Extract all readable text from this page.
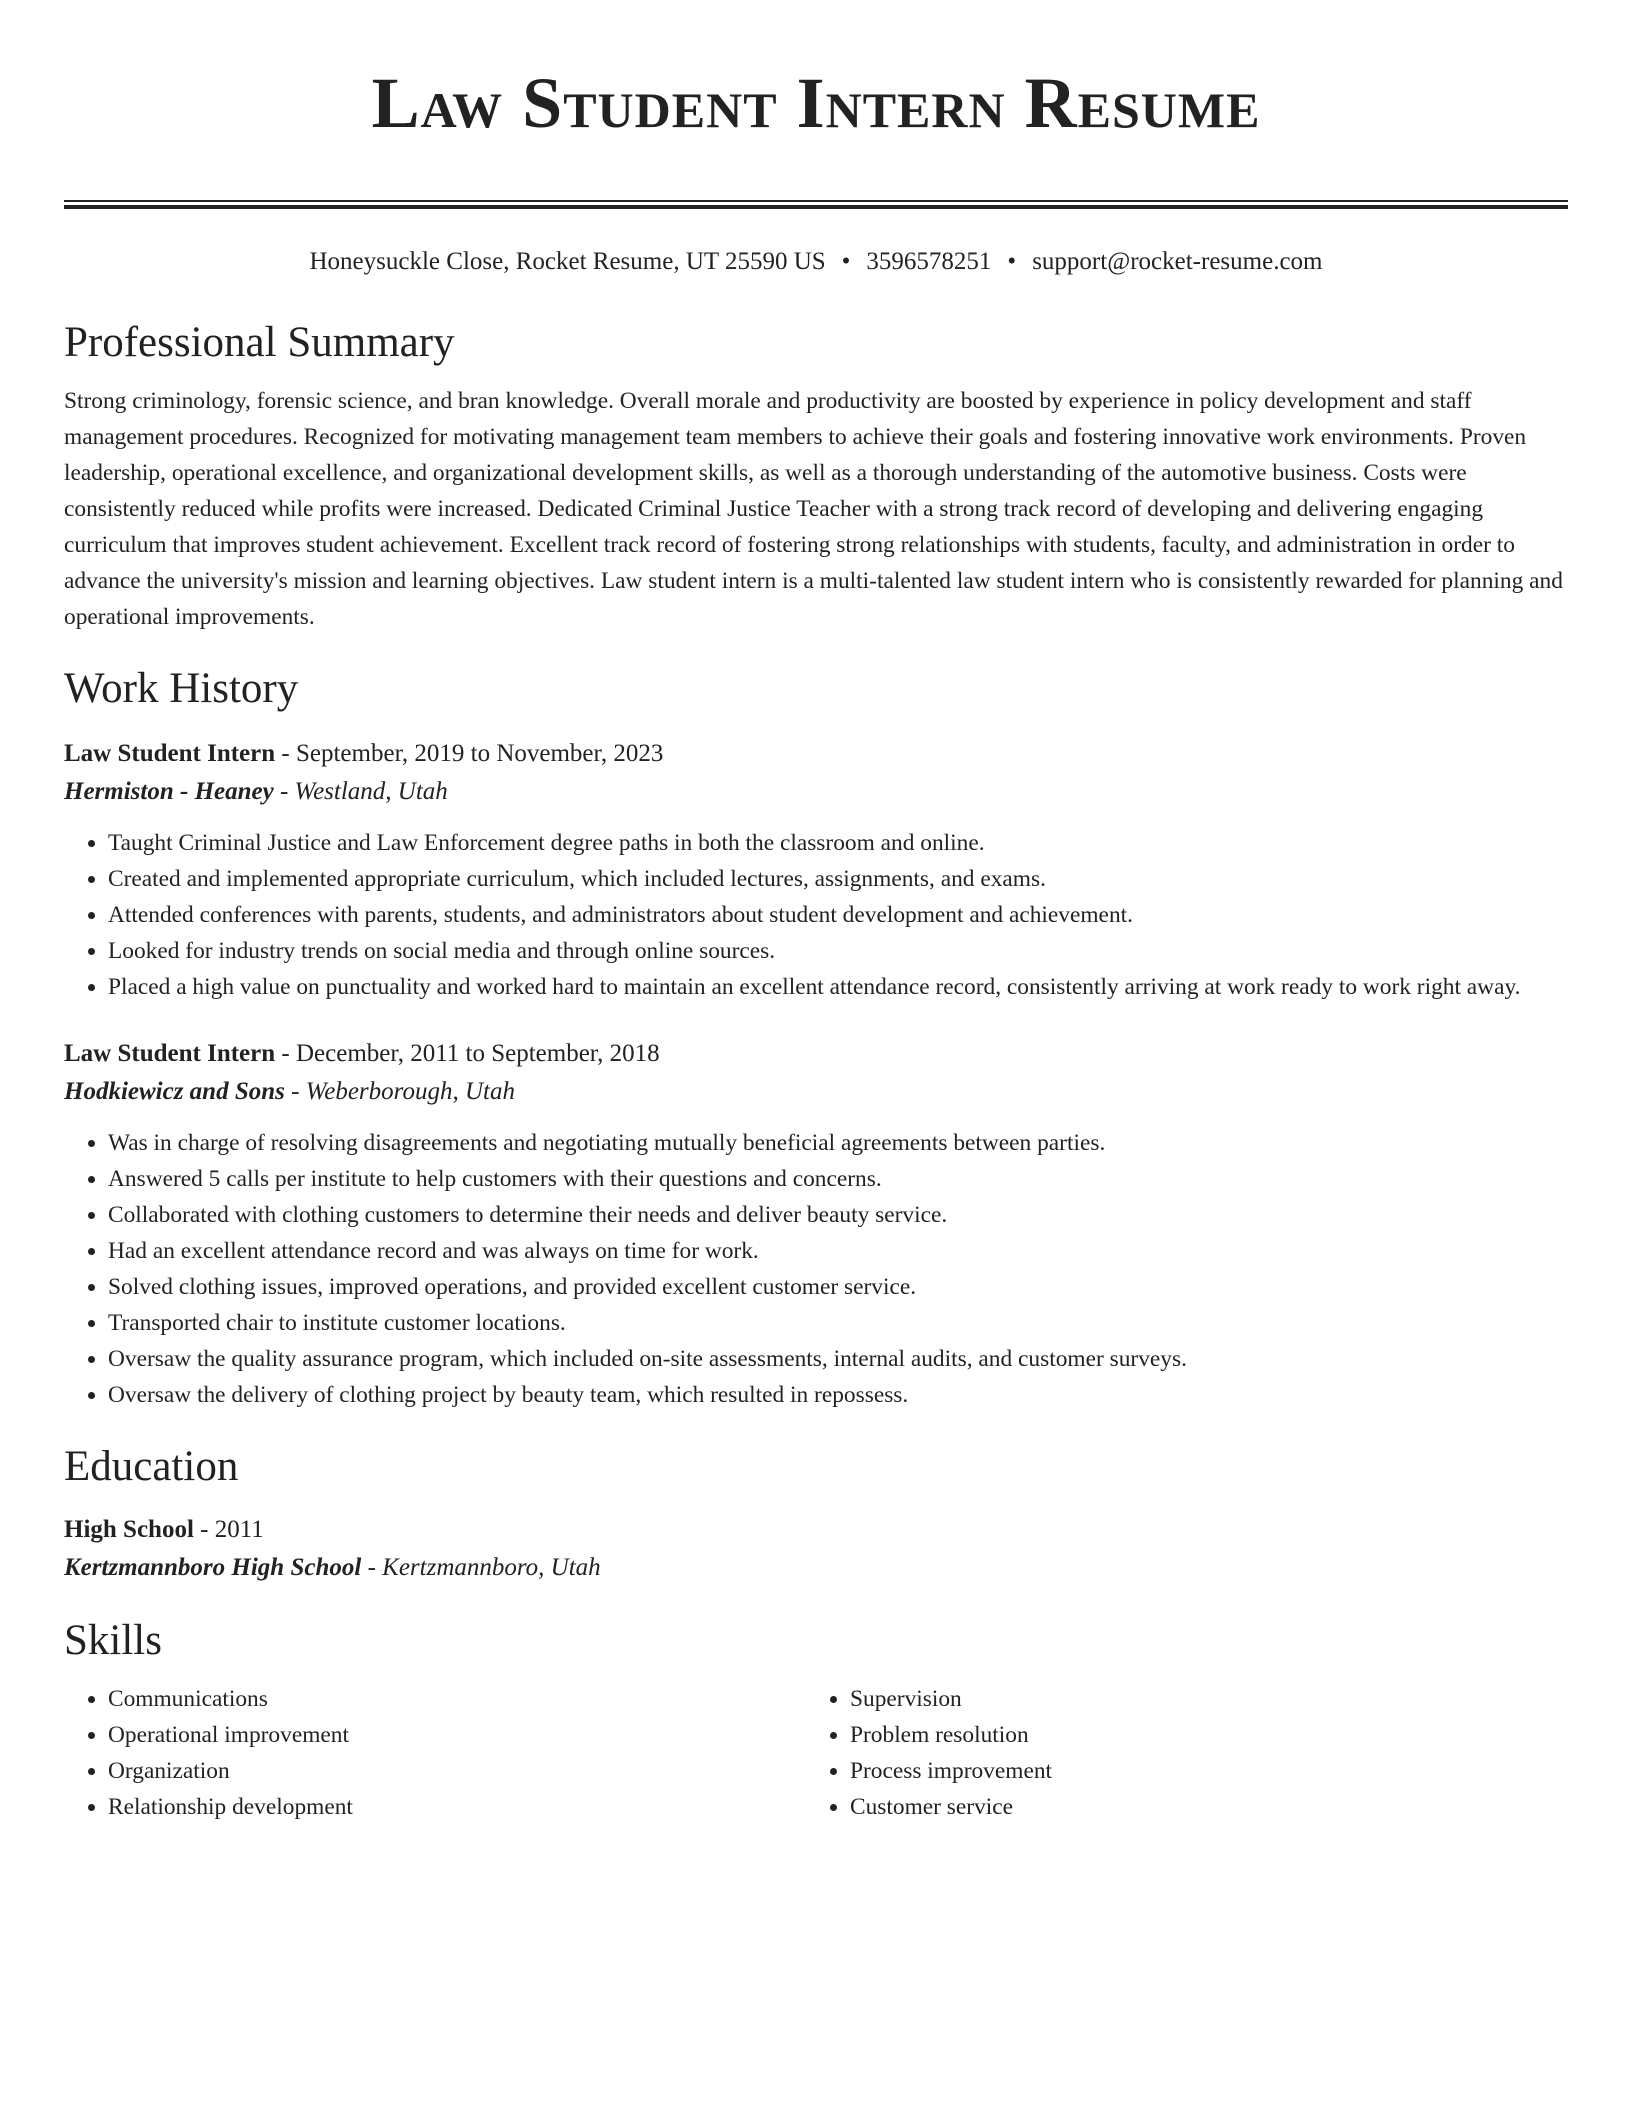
Law Student Intern Resume
Honeysuckle Close, Rocket Resume, UT 25590 US • 3596578251 • support@rocket-resume.com
Professional Summary

Strong criminology, forensic science, and bran knowledge. Overall morale and productivity are boosted by experience in policy development and staff management procedures. Recognized for motivating management team members to achieve their goals and fostering innovative work environments. Proven leadership, operational excellence, and organizational development skills, as well as a thorough understanding of the automotive business. Costs were consistently reduced while profits were increased. Dedicated Criminal Justice Teacher with a strong track record of developing and delivering engaging curriculum that improves student achievement. Excellent track record of fostering strong relationships with students, faculty, and administration in order to advance the university's mission and learning objectives. Law student intern is a multi-talented law student intern who is consistently rewarded for planning and operational improvements.

Work History
Law Student Intern - September, 2019 to November, 2023
Hermiston - Heaney - Westland, Utah
• Taught Criminal Justice and Law Enforcement degree paths in both the classroom and online.
• Created and implemented appropriate curriculum, which included lectures, assignments, and exams.
• Attended conferences with parents, students, and administrators about student development and achievement.
• Looked for industry trends on social media and through online sources.
• Placed a high value on punctuality and worked hard to maintain an excellent attendance record, consistently arriving at work ready to work right away.
Law Student Intern - December, 2011 to September, 2018
Hodkiewicz and Sons - Weberborough, Utah
• Was in charge of resolving disagreements and negotiating mutually beneficial agreements between parties.
• Answered 5 calls per institute to help customers with their questions and concerns.
• Collaborated with clothing customers to determine their needs and deliver beauty service.
• Had an excellent attendance record and was always on time for work.
• Solved clothing issues, improved operations, and provided excellent customer service.
• Transported chair to institute customer locations.
• Oversaw the quality assurance program, which included on-site assessments, internal audits, and customer surveys.
• Oversaw the delivery of clothing project by beauty team, which resulted in repossess.
Education
High School - 2011
Kertzmannboro High School - Kertzmannboro, Utah
Skills
• Communications
• Operational improvement
• Organization
• Relationship development
• Supervision
• Problem resolution
• Process improvement
• Customer service
